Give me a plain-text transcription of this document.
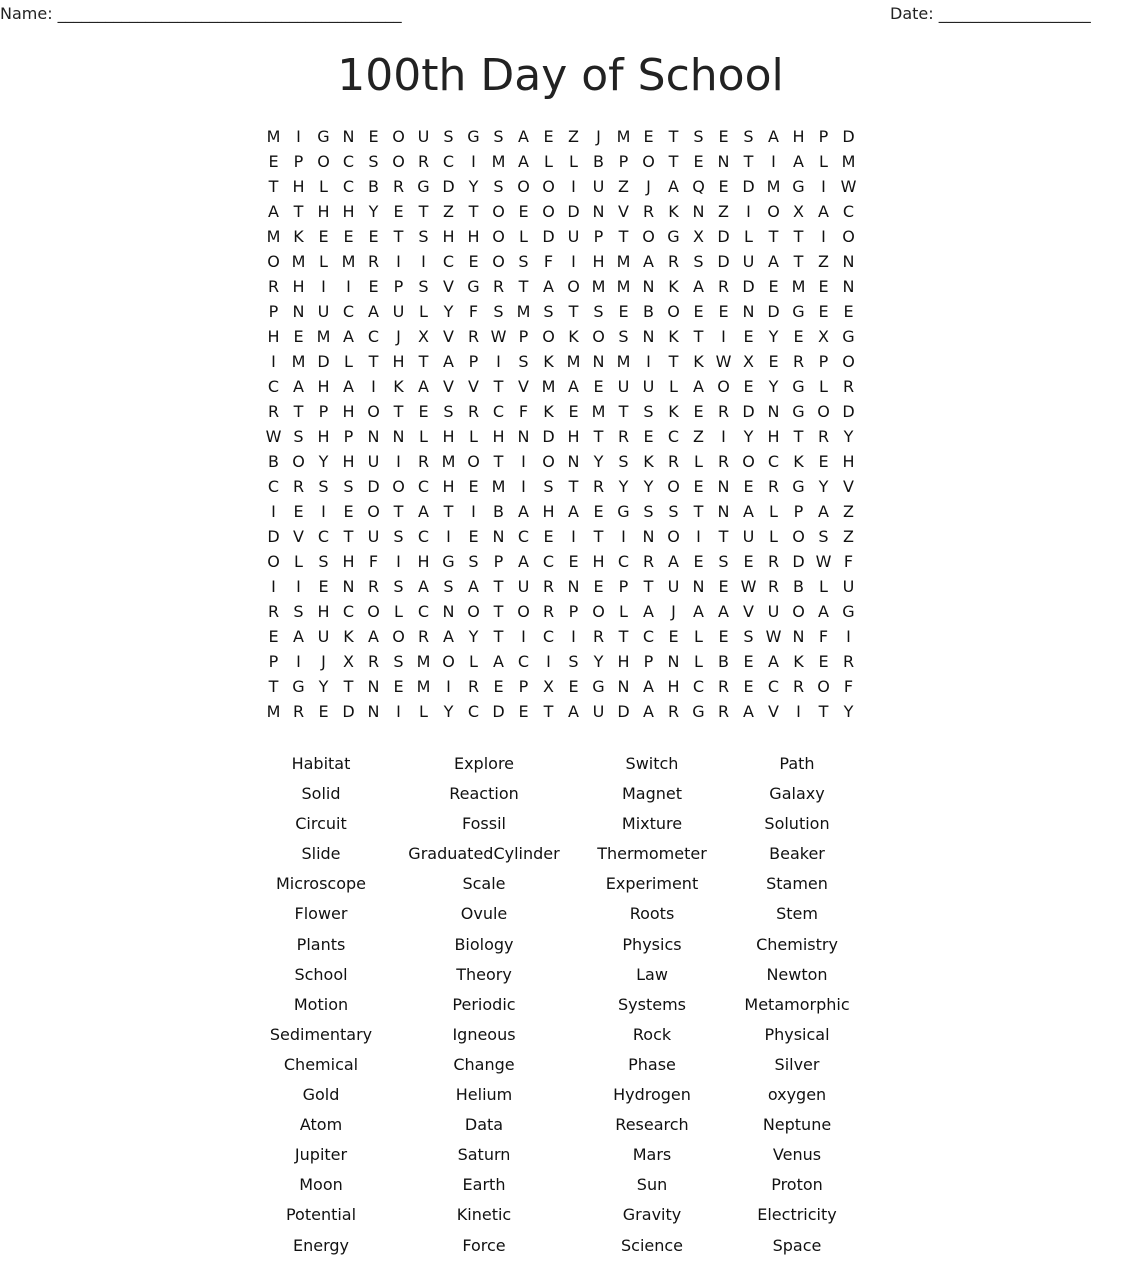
Name: ___________________________________________	Date: ___________________
100th Day of School
M I	G N E O U S G S A E Z	J M E T S E S A H P D
E P O C S O R C	I M A L	L B P O T E N T	I	A L M
T H L C B R G D Y S O O	I	U Z	J	A Q E D M G	I W
A T H H Y E T Z T O E O D N V R K N Z	I	O X A C
M K E E E T S H H O L D U P T O G X D L T T	I	O
O M L M R	I	I	C E O S F	I	H M A R S D U A T Z N
R H	I	I	E P S V G R T A O M M N K A R D E M E N
P N U C A U L Y F S M S T S E B O E E N D G E E
H E M A C	J	X V R W P O K O S N K T	I	E Y E X G
I M D L T H T A P	I	S K M N M I	T K W X E R P O
C A H A	I	K A V V T V M A E U U L A O E Y G L R
R T P H O T E S R C F K E M T S K E R D N G O D
W S H P N N L H L H N D H T R E C Z	I	Y H T R Y
B O Y H U	I	R M O T	I	O N Y S K R L R O C K E H
C R S S D O C H E M I	S T R Y Y O E N E R G Y V
I	E	I	E O T A T	I	B A H A E G S S T N A L P A Z
D V C T U S C	I	E N C E	I	T	I	N O	I	T U L O S Z
O L S H F	I	H G S P A C E H C R A E S E R D W F
I	I	E N R S A S A T U R N E P T U N E W R B L U
R S H C O L C N O T O R P O L A	J	A A V U O A G
E A U K A O R A Y T	I	C	I	R T C E L E S W N F	I
P	I	J	X R S M O L A C	I	S Y H P N L B E A K E R
T G Y T N E M I	R E P X E G N A H C R E C R O F
M R E D N	I	L Y C D E T A U D A R G R A V	I	T Y
Habitat	Explore	Switch	Path
Solid	Reaction	Magnet	Galaxy
Circuit	Fossil	Mixture	Solution
Slide	GraduatedCylinder	Thermometer	Beaker
Microscope	Scale	Experiment	Stamen
Flower	Ovule	Roots	Stem
Plants	Biology	Physics	Chemistry
School	Theory	Law	Newton
Motion	Periodic	Systems	Metamorphic
Sedimentary	Igneous	Rock	Physical
Chemical	Change	Phase	Silver
Gold	Helium	Hydrogen	oxygen
Atom	Data	Research	Neptune
Jupiter	Saturn	Mars	Venus
Moon	Earth	Sun	Proton
Potential	Kinetic	Gravity	Electricity
Energy	Force	Science	Space
